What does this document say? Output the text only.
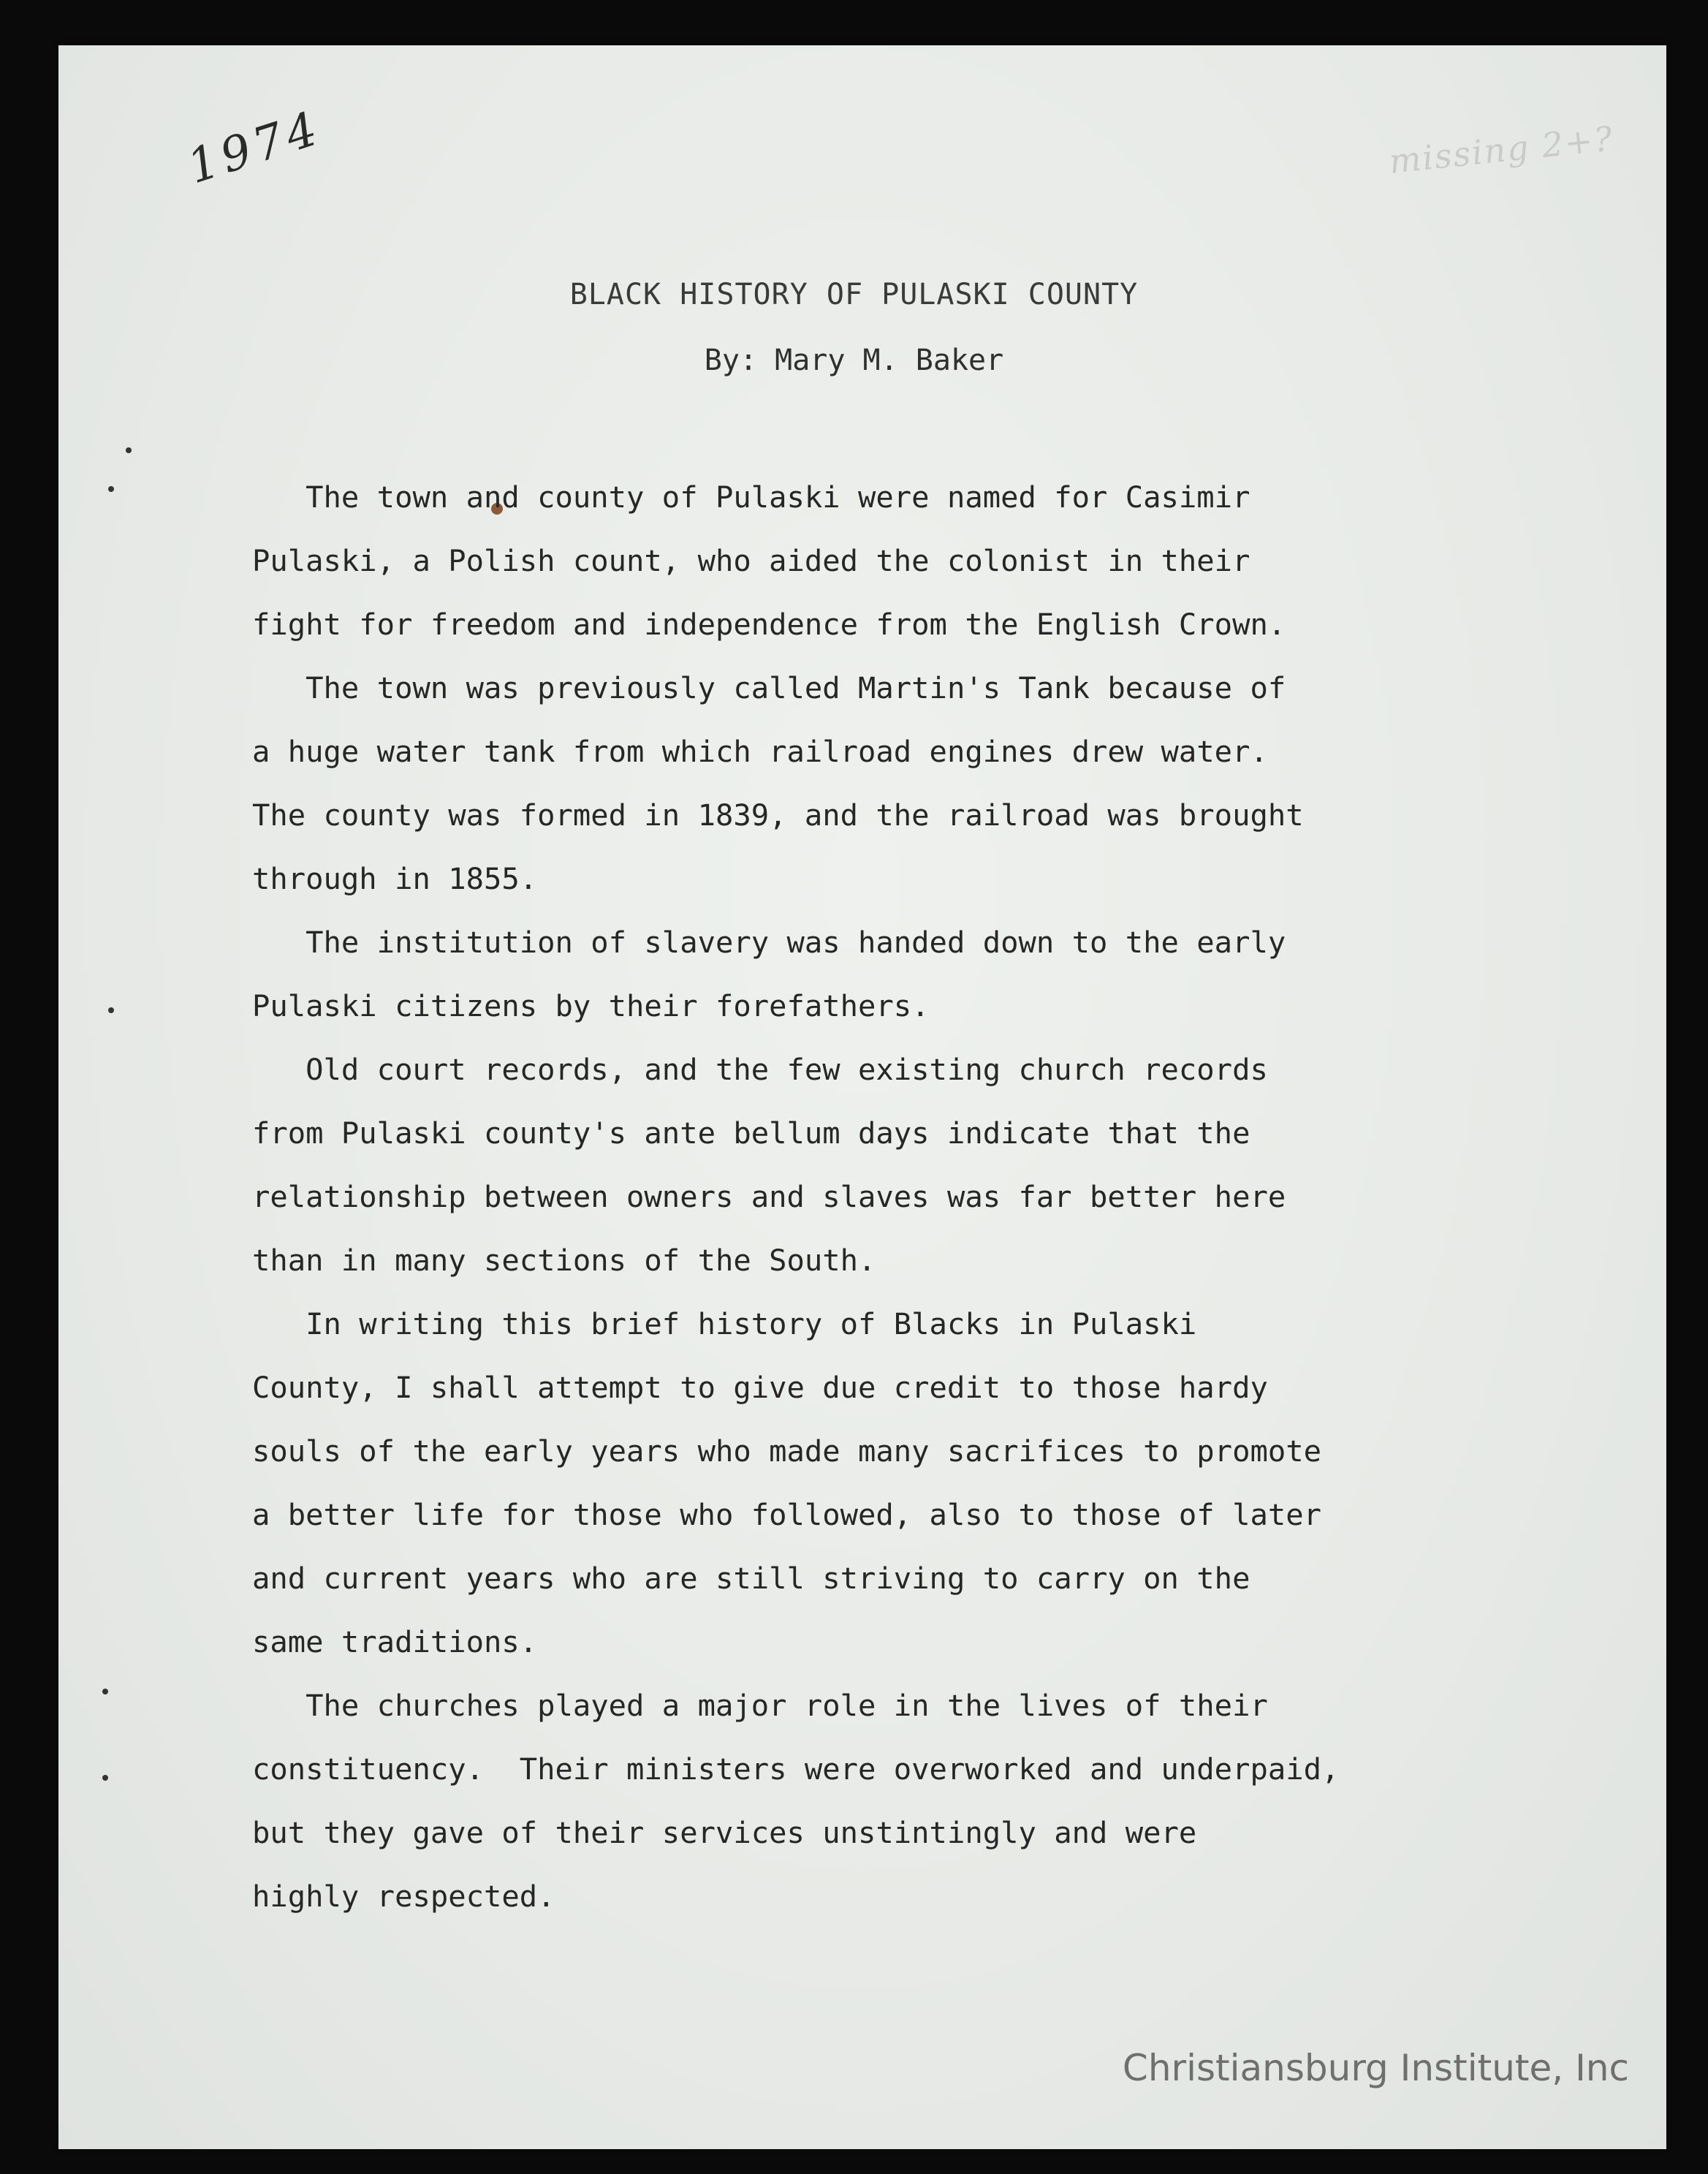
1974	missing 2+?
BLACK HISTORY OF PULASKI COUNTY
By: Mary M. Baker
The town and county of Pulaski were named for Casimir
Pulaski, a Polish count, who aided the colonist in their
fight for freedom and independence from the English Crown.
The town was previously called Martin's Tank because of
a huge water tank from which railroad engines drew water.
The county was formed in 1839, and the railroad was brought
through in 1855.
The institution of slavery was handed down to the early
Pulaski citizens by their forefathers.
Old court records, and the few existing church records
from Pulaski county's ante bellum days indicate that the
relationship between owners and slaves was far better here
than in many sections of the South.
In writing this brief history of Blacks in Pulaski
County, I shall attempt to give due credit to those hardy
souls of the early years who made many sacrifices to promote
a better life for those who followed, also to those of later
and current years who are still striving to carry on the
same traditions.
The churches played a major role in the lives of their
constituency.  Their ministers were overworked and underpaid,
but they gave of their services unstintingly and were
highly respected.
Christiansburg Institute, Inc
